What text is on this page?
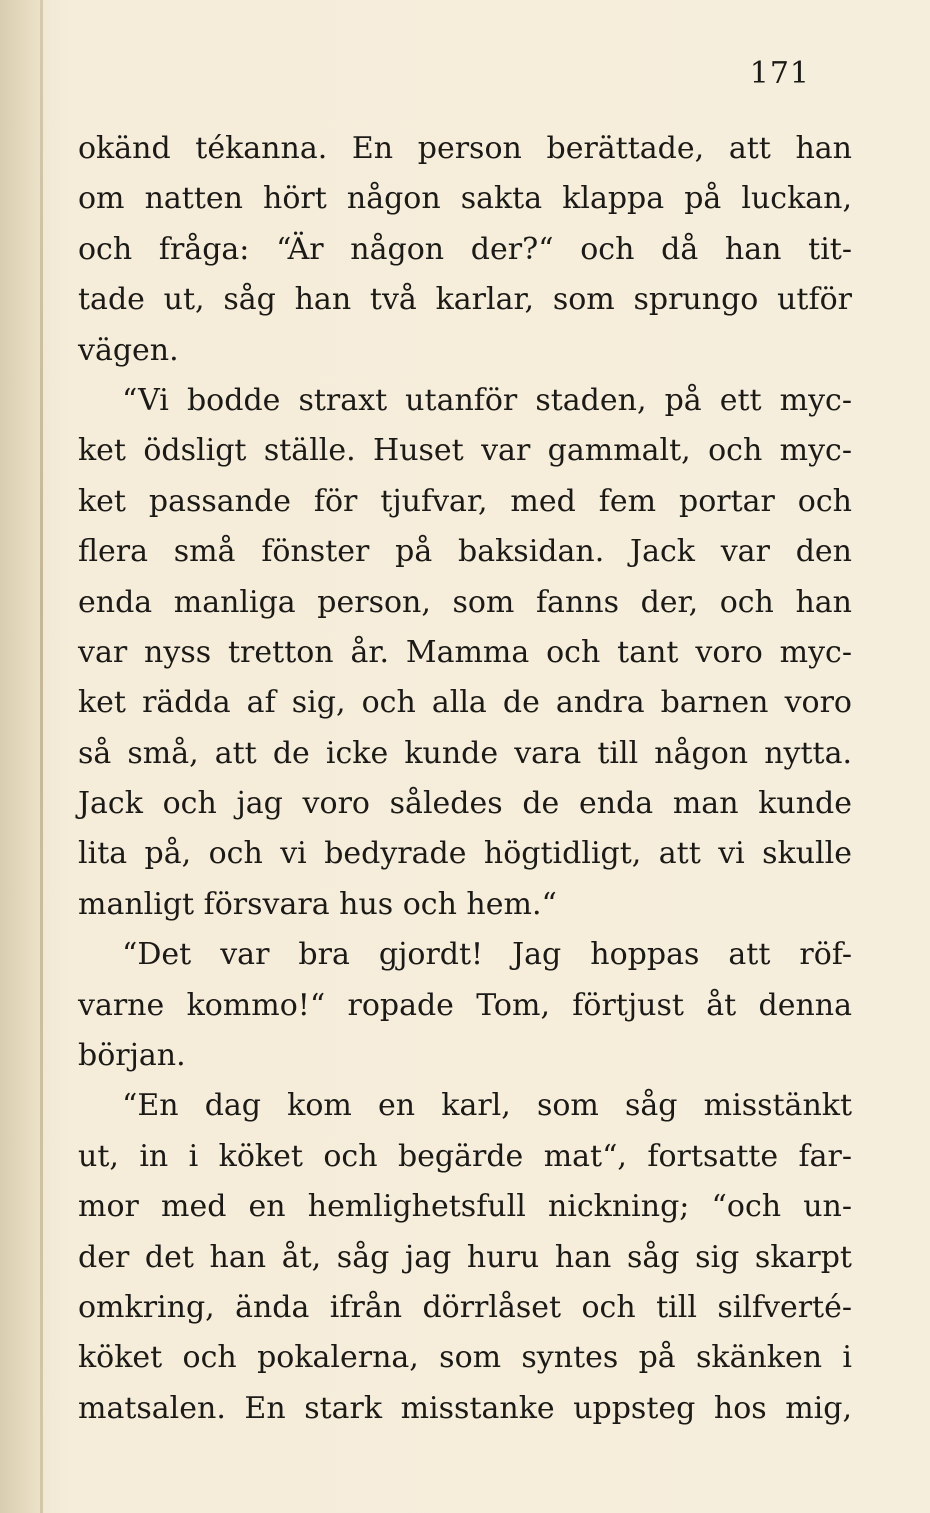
171
okänd tékanna. En person berättade, att han
om natten hört någon sakta klappa på luckan,
och fråga: “Är någon der?“ och då han tit-
tade ut, såg han två karlar, som sprungo utför
vägen.
“Vi bodde straxt utanför staden, på ett myc-
ket ödsligt ställe. Huset var gammalt, och myc-
ket passande för tjufvar, med fem portar och
flera små fönster på baksidan. Jack var den
enda manliga person, som fanns der, och han
var nyss tretton år. Mamma och tant voro myc-
ket rädda af sig, och alla de andra barnen voro
så små, att de icke kunde vara till någon nytta.
Jack och jag voro således de enda man kunde
lita på, och vi bedyrade högtidligt, att vi skulle
manligt försvara hus och hem.“
“Det var bra gjordt! Jag hoppas att röf-
varne kommo!“ ropade Tom, förtjust åt denna
början.
“En dag kom en karl, som såg misstänkt
ut, in i köket och begärde mat“, fortsatte far-
mor med en hemlighetsfull nickning; “och un-
der det han åt, såg jag huru han såg sig skarpt
omkring, ända ifrån dörrlåset och till silfverté-
köket och pokalerna, som syntes på skänken i
matsalen. En stark misstanke uppsteg hos mig,
